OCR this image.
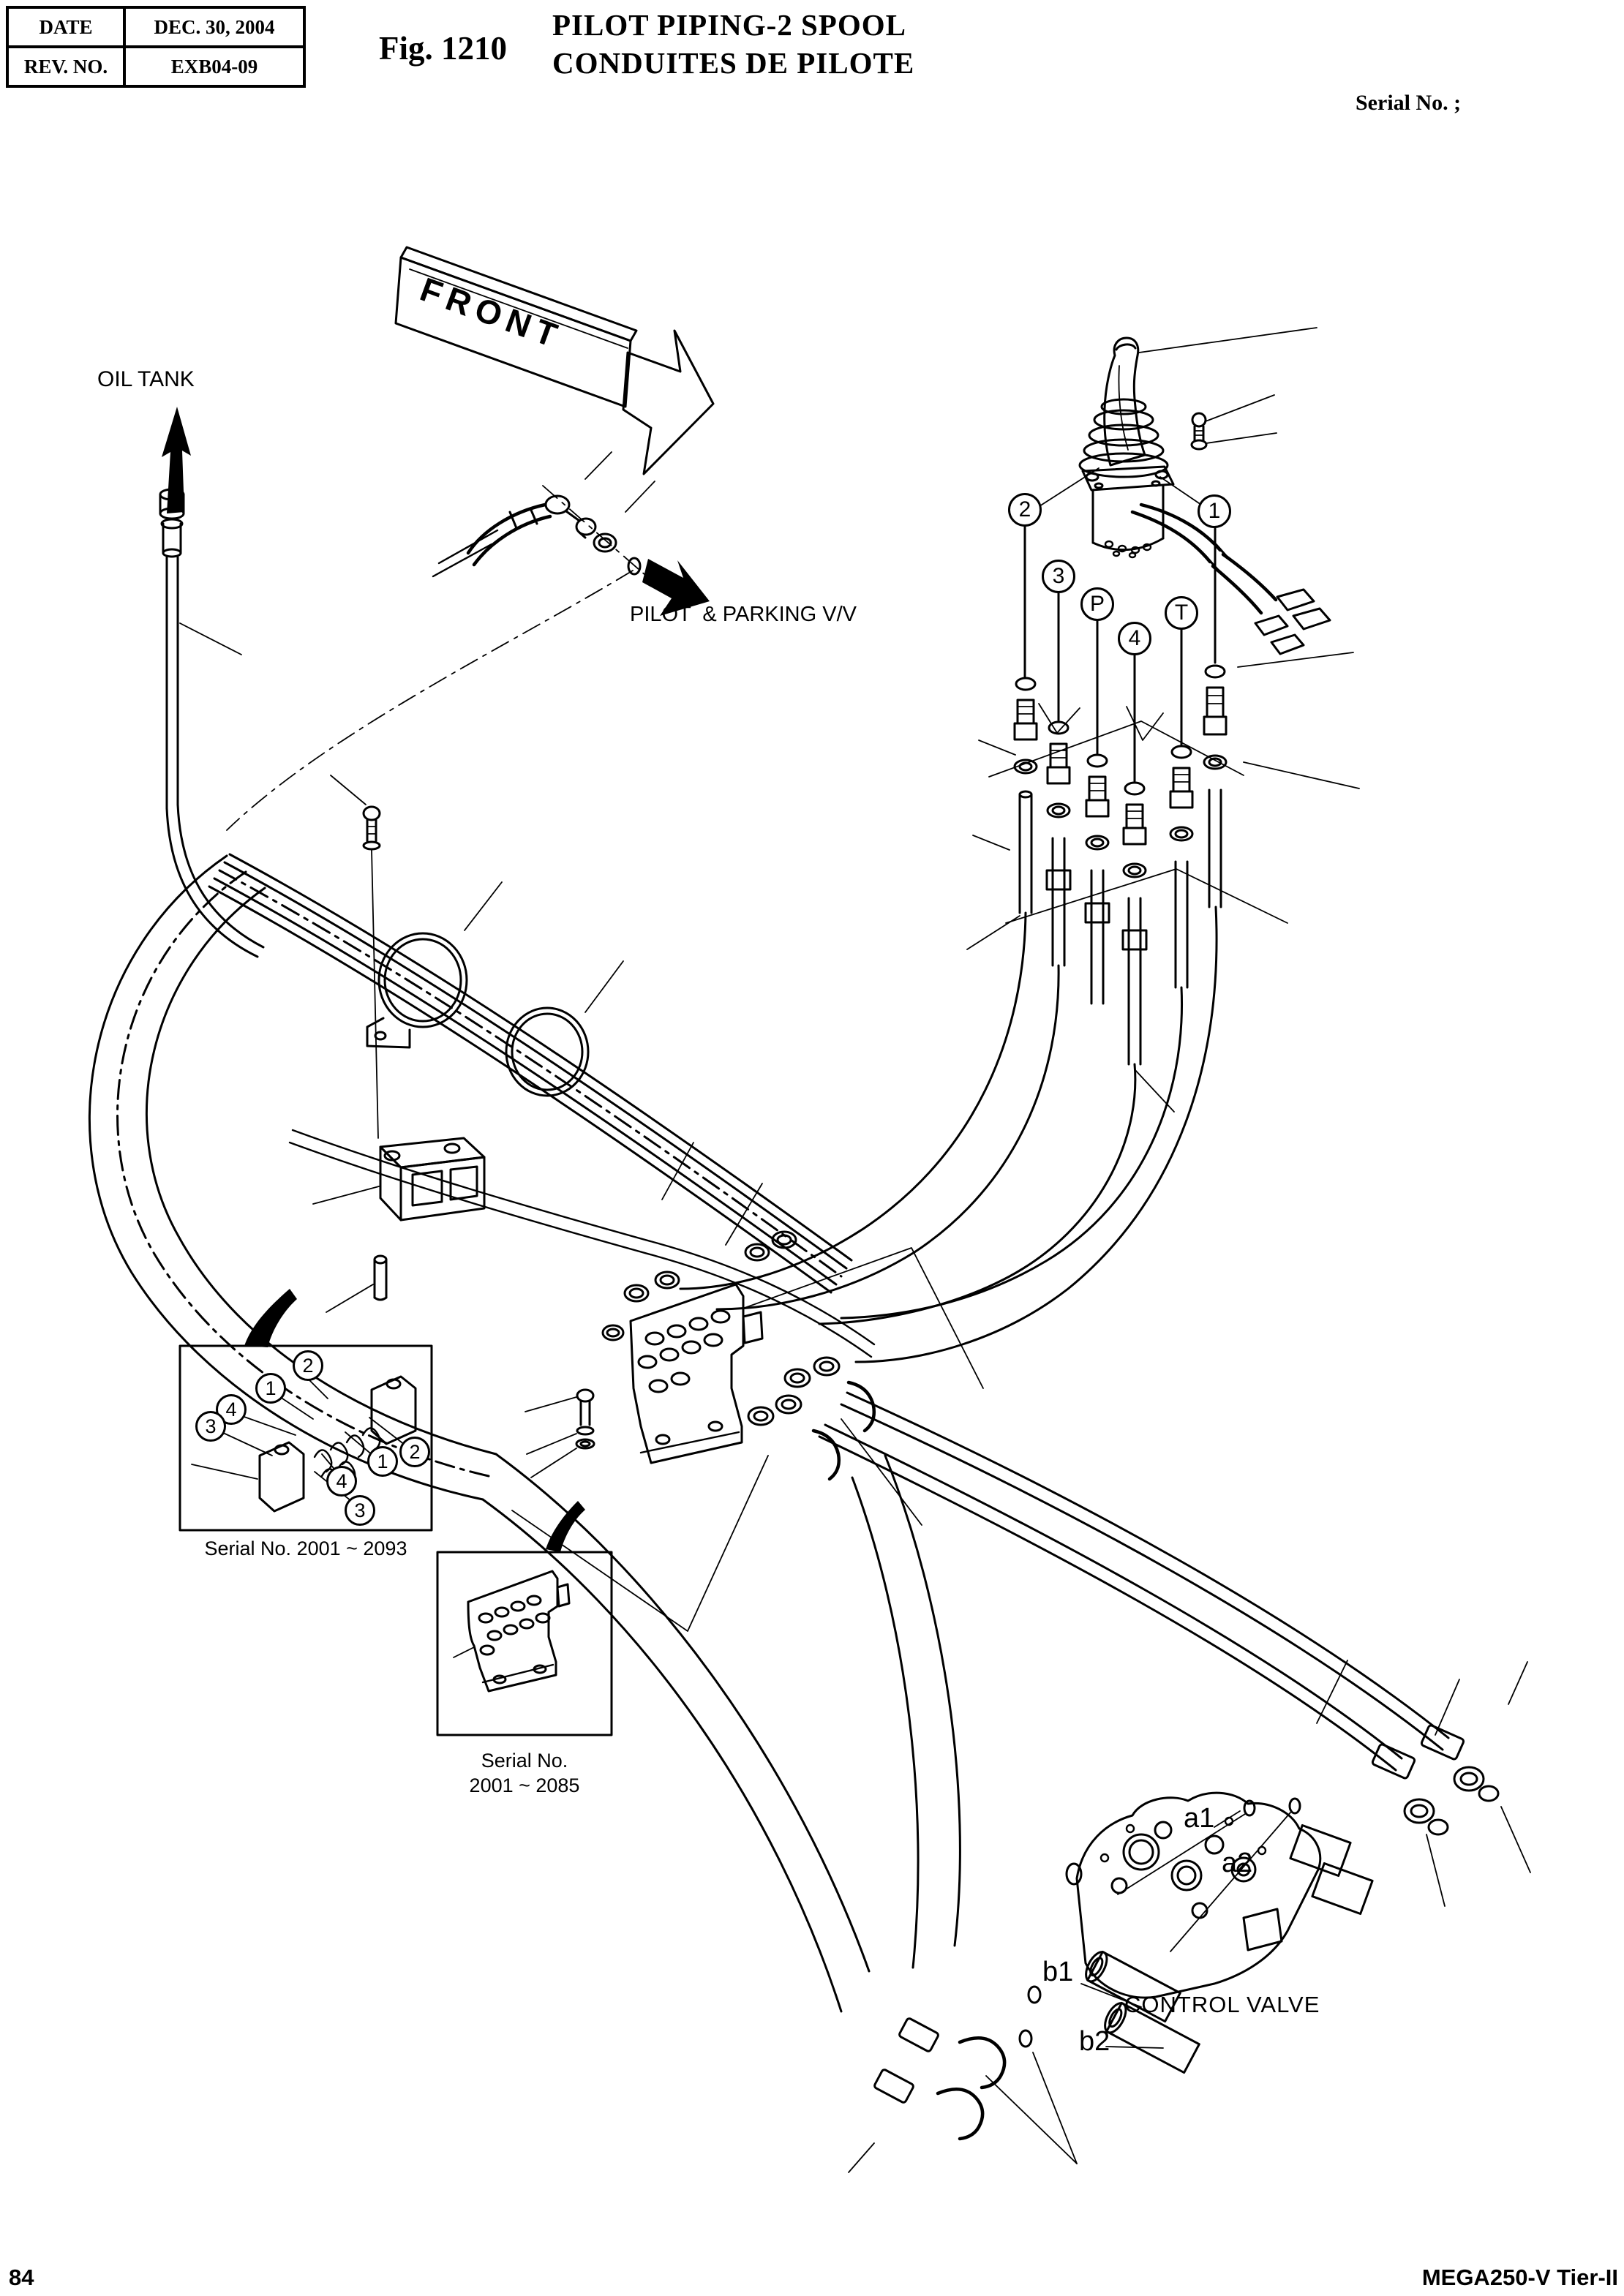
DATE	DEC. 30, 2004
REV. NO.	EXB04-09	Fig. 1210
PILOT PIPING-2 SPOOL
CONDUITES DE PILOTE
Serial No. ;
FRONT
OIL TANK
PILOT  & PARKING V/V
CONTROL VALVE
a1
a2
b1
b2
2	1
3
P	T
4
2
1
4
3
2
1
4
3
Serial No. 2001 ~ 2093
Serial No.
2001 ~ 2085
84	MEGA250-V Tier-II
